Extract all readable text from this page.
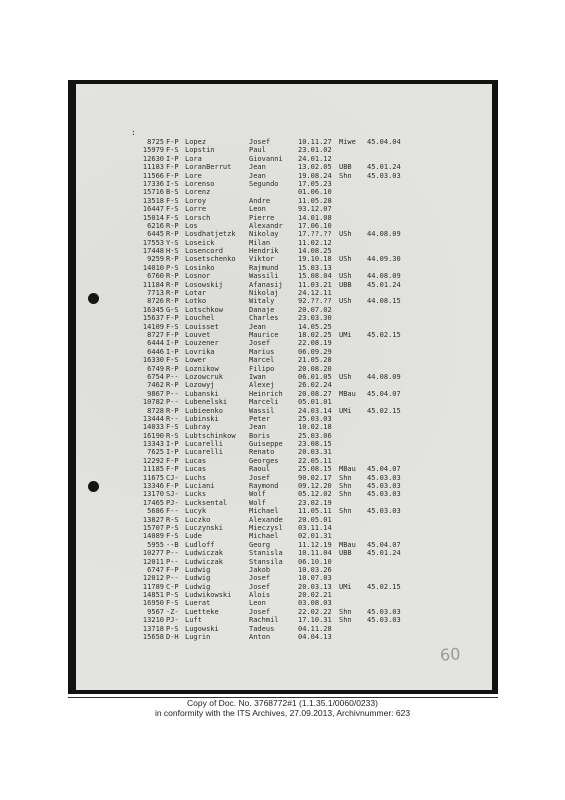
:
8725 F-P Lopez	Josef	10.11.27 Miwe 45.04.04
15979 F-S Lopstin	Paul	23.01.02
12630 I-P Lora	Giovanni 24.01.12
11183 F-P LoranBerrut	Jean	13.02.05 UBB 45.01.24
11566 F-P Lore	Jean	19.08.24 Shn 45.03.03
17336 I-S Lorenso	Segundo	17.05.23
15716 B-S Lorenz	01.06.10
13518 F-S Loroy	Andre	11.05.28
16447 F-S Lorre	Leon	93.12.07
15014 F-S Lorsch	Pierre	14.01.08
6216 R-P Los	Alexandr 17.06.10
6445 R-P Losdhatjetzk Nikolay	17.??.?? USh 44.08.09
17553 Y-S Loseick	Milan	11.02.12
17448 H-S Losencord	Hendrik	14.08.25
9259 R-P Losetschenko Viktor	19.10.18 USh 44.09.30
14010 P-S Losinko	Rajmund	15.03.13
6760 R-P Losnor	Wassili	15.08.04 USh 44.08.09
11184 R-P Losowskij	Afanasij 11.03.21 UBB 45.01.24
7713 R-P Lotar	Nikolaj	24.12.11
8726 R-P Lotko	Witaly	92.??.?? USh 44.08.15
16345 G-S Lotschkow	Danaje	20.07.02
15637 F-P Louchel	Charles	23.03.30
14109 F-S Louisset	Jean	14.05.25
8727 F-P Louvet	Maurice	18.02.25 UMi 45.02.15
6444 I-P Louzener	Josef	22.08.19
6446 I-P Lovrika	Marius	06.09.29
16330 F-S Lower	Marcel	21.05.28
6749 R-P Loznikow	Filipo	20.08.20
6754 P-- Lozowcruk	Iwan	06.01.05 USh 44.08.09
7462 R-P Lozowyj	Alexej	26.02.24
9867 P-- Lubanski	Heinrich 20.08.27 MBau 45.04.07
10782 P-- Lubenelski	Marceli	05.01.01
8728 R-P Lubieenko	Wassil	24.03.14 UMi 45.02.15
13444 R-- Lubinski	Peter	25.03.03
14033 F-S Lubray	Jean	10.02.18
16190 R-S Lubtschinkow Boris	25.03.06
13343 I-P Lucarelli	Guiseppe 23.08.15
7625 I-P Lucarelli	Renato	20.03.31
12292 F-P Lucas	Georges	22.05.11
11185 F-P Lucas	Raoul	25.08.15 MBau 45.04.07
11675 CJ- Luchs	Josef	90.02.17 Shn 45.03.03
13346 F-P Luciani	Raymond	09.12.20 Shn 45.03.03
13170 SJ- Lucks	Wolf	05.12.02 Shn 45.03.03
17465 PJ- Lucksental	Wolf	23.02.19
5686 F-- Lucyk	Michael	11.05.11 Shn 45.03.03
13827 R-S Luczko	Alexande 20.05.01
15707 P-S Luczynski	Mieczysl 03.11.14
14089 F-S Lude	Michael	02.01.31
5955 --B Ludloff	Georg	11.12.19 MBau 45.04.07
10277 P-- Ludwiczak	Stanisla 10.11.04 UBB 45.01.24
12011 P-- Ludwiczak	Stansila 06.10.10
6747 F-P Ludwig	Jakob	10.03.26
12012 P-- Ludwig	Josef	10.07.03
11789 C-P Ludwig	Josef	20.03.13 UMi 45.02.15
14851 P-S Ludwikowski	Alois	20.02.21
16950 F-S Luerat	Leon	03.08.03
9567 -Z- Luetteke	Josef	22.02.22 Shn 45.03.03
13210 PJ- Luft	Rachmil	17.10.31 Shn 45.03.03
13718 P-S Lugowski	Tadeus	04.11.28
15658 D-H Lugrin	Anton	04.04.13
60
Copy of Doc. No. 3768772#1 (1.1.35.1/0060/0233)
in conformity with the ITS Archives, 27.09.2013, Archivnummer: 623
